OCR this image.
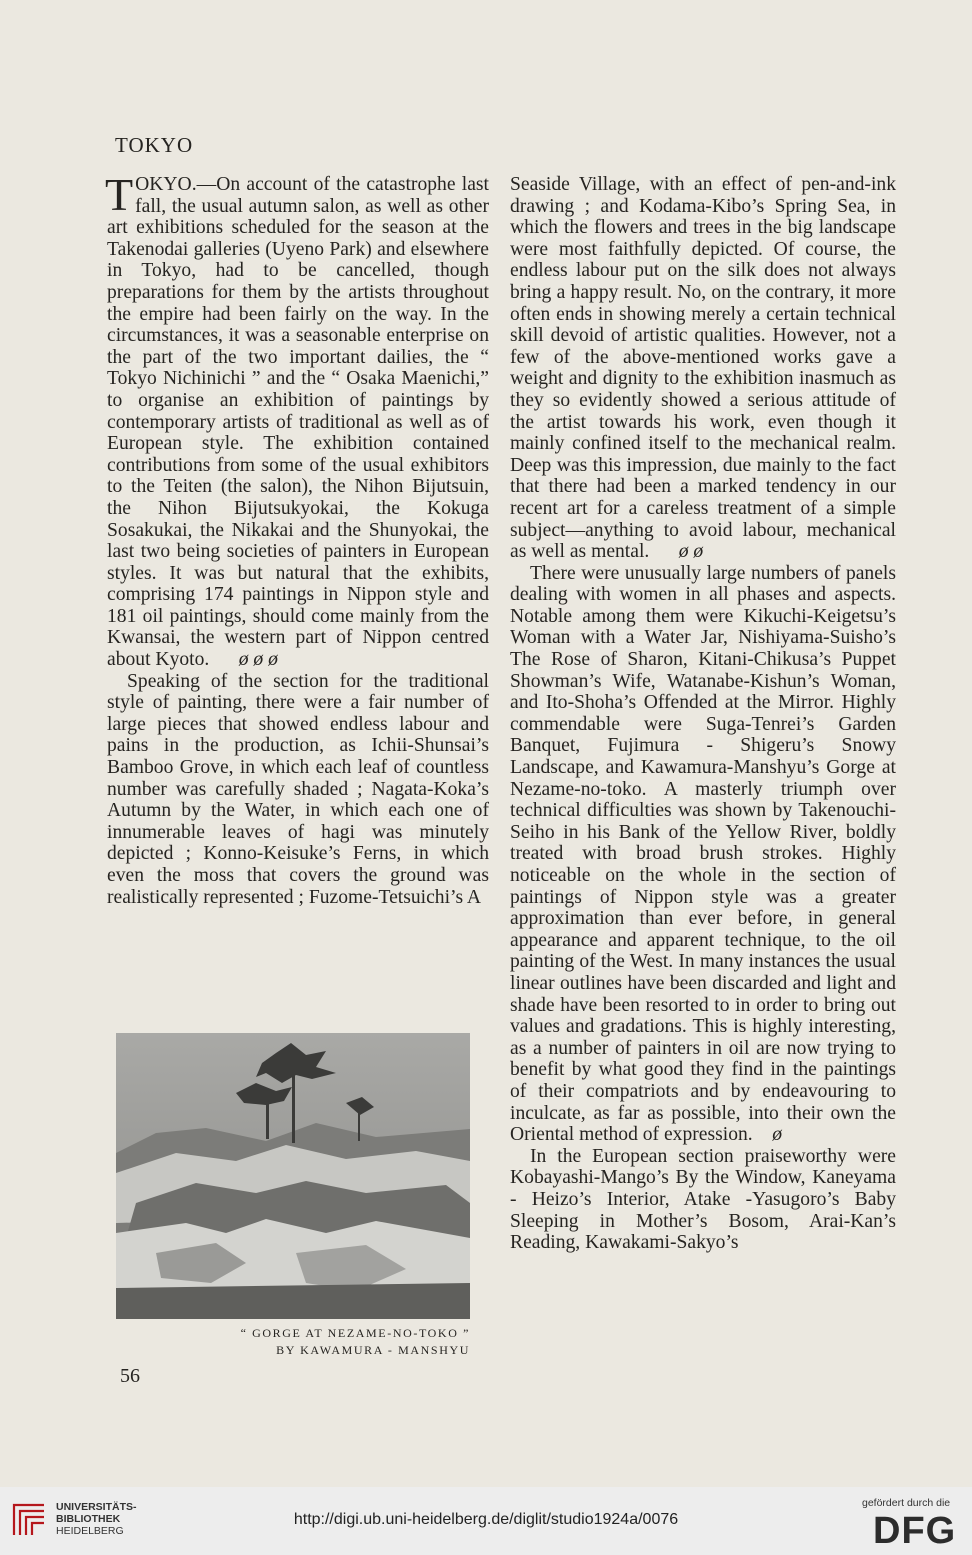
TOKYO

TOKYO.—On account of the catastrophe last fall, the usual autumn salon, as well as other art exhibitions scheduled for the season at the Takenodai galleries (Uyeno Park) and elsewhere in Tokyo, had to be cancelled, though preparations for them by the artists throughout the empire had been fairly on the way. In the circumstances, it was a seasonable enterprise on the part of the two important dailies, the “ Tokyo Nichinichi ” and the “ Osaka Maenichi,” to organise an exhibition of paintings by contemporary artists of traditional as well as of European style. The exhibition contained contributions from some of the usual exhibitors to the Teiten (the salon), the Nihon Bijutsuin, the Nihon Bijutsukyokai, the Kokuga Sosakukai, the Nikakai and the Shunyokai, the last two being societies of painters in European styles. It was but natural that the exhibits, comprising 174 paintings in Nippon style and 181 oil paintings, should come mainly from the Kwansai, the western part of Nippon centred about Kyoto. ø ø ø

Speaking of the section for the traditional style of painting, there were a fair number of large pieces that showed endless labour and pains in the production, as Ichii-Shunsai’s Bamboo Grove, in which each leaf of countless number was carefully shaded ; Nagata-Koka’s Autumn by the Water, in which each one of innumerable leaves of hagi was minutely depicted ; Konno-Keisuke’s Ferns, in which even the moss that covers the ground was realistically represented ; Fuzome-Tetsuichi’s A

Seaside Village, with an effect of pen-and-ink drawing ; and Kodama-Kibo’s Spring Sea, in which the flowers and trees in the big landscape were most faithfully depicted. Of course, the endless labour put on the silk does not always bring a happy result. No, on the contrary, it more often ends in showing merely a certain technical skill devoid of artistic qualities. However, not a few of the above-mentioned works gave a weight and dignity to the exhibition inasmuch as they so evidently showed a serious attitude of the artist towards his work, even though it mainly confined itself to the mechanical realm. Deep was this impression, due mainly to the fact that there had been a marked tendency in our recent art for a careless treatment of a simple subject—anything to avoid labour, mechanical as well as mental. ø ø

There were unusually large numbers of panels dealing with women in all phases and aspects. Notable among them were Kikuchi-Keigetsu’s Woman with a Water Jar, Nishiyama-Suisho’s The Rose of Sharon, Kitani-Chikusa’s Puppet Showman’s Wife, Watanabe-Kishun’s Woman, and Ito-Shoha’s Offended at the Mirror. Highly commendable were Suga-Tenrei’s Garden Banquet, Fujimura - Shigeru’s Snowy Landscape, and Kawamura-Manshyu’s Gorge at Nezame-no-toko. A masterly triumph over technical difficulties was shown by Takenouchi-Seiho in his Bank of the Yellow River, boldly treated with broad brush strokes. Highly noticeable on the whole in the section of paintings of Nippon style was a greater approximation than ever before, in general appearance and apparent technique, to the oil painting of the West. In many instances the usual linear outlines have been discarded and light and shade have been resorted to in order to bring out values and gradations. This is highly interesting, as a number of painters in oil are now trying to benefit by what good they find in the paintings of their compatriots and by endeavouring to inculcate, as far as possible, into their own the Oriental method of expression. ø

In the European section praiseworthy were Kobayashi-Mango’s By the Window, Kaneyama - Heizo’s Interior, Atake -Yasugoro’s Baby Sleeping in Mother’s Bosom, Arai-Kan’s Reading, Kawakami-Sakyo’s

“ GORGE AT NEZAME-NO-TOKO ”
BY KAWAMURA - MANSHYU
56
UNIVERSITÄTS-
BIBLIOTHEK
HEIDELBERG
http://digi.ub.uni-heidelberg.de/diglit/studio1924a/0076
gefördert durch die
DFG
